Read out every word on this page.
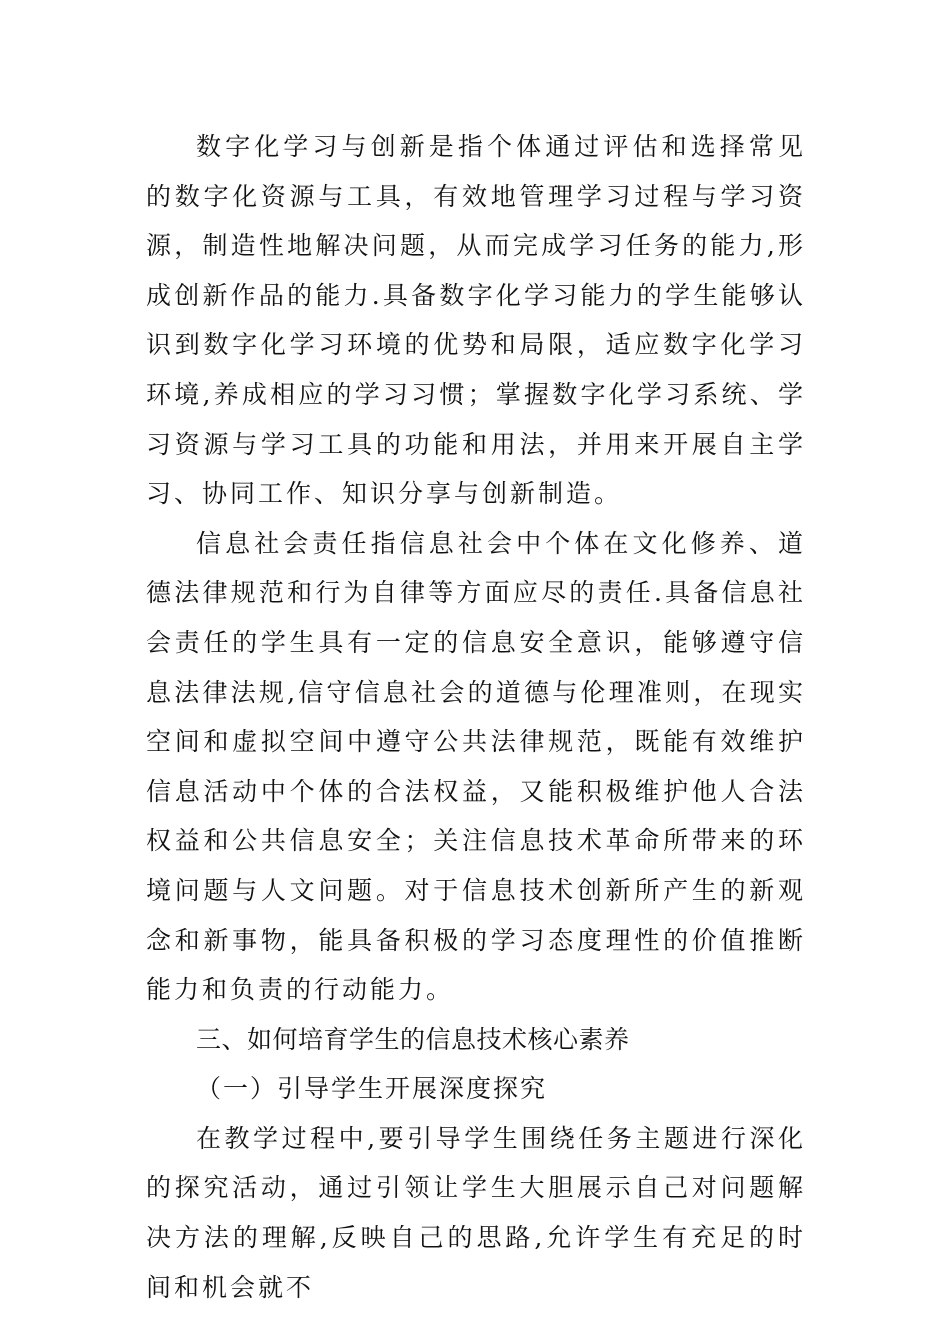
数字化学习与创新是指个体通过评估和选择常见的数字化资源与工具，有效地管理学习过程与学习资源，制造性地解决问题，从而完成学习任务的能力,形成创新作品的能力.具备数字化学习能力的学生能够认识到数字化学习环境的优势和局限，适应数字化学习环境,养成相应的学习习惯；掌握数字化学习系统、学习资源与学习工具的功能和用法，并用来开展自主学习、协同工作、知识分享与创新制造。

信息社会责任指信息社会中个体在文化修养、道德法律规范和行为自律等方面应尽的责任.具备信息社会责任的学生具有一定的信息安全意识，能够遵守信息法律法规,信守信息社会的道德与伦理准则，在现实空间和虚拟空间中遵守公共法律规范，既能有效维护信息活动中个体的合法权益，又能积极维护他人合法权益和公共信息安全；关注信息技术革命所带来的环境问题与人文问题。对于信息技术创新所产生的新观念和新事物，能具备积极的学习态度理性的价值推断能力和负责的行动能力。

三、如何培育学生的信息技术核心素养
（一）引导学生开展深度探究

在教学过程中,要引导学生围绕任务主题进行深化的探究活动，通过引领让学生大胆展示自己对问题解决方法的理解,反映自己的思路,允许学生有充足的时间和机会就不
